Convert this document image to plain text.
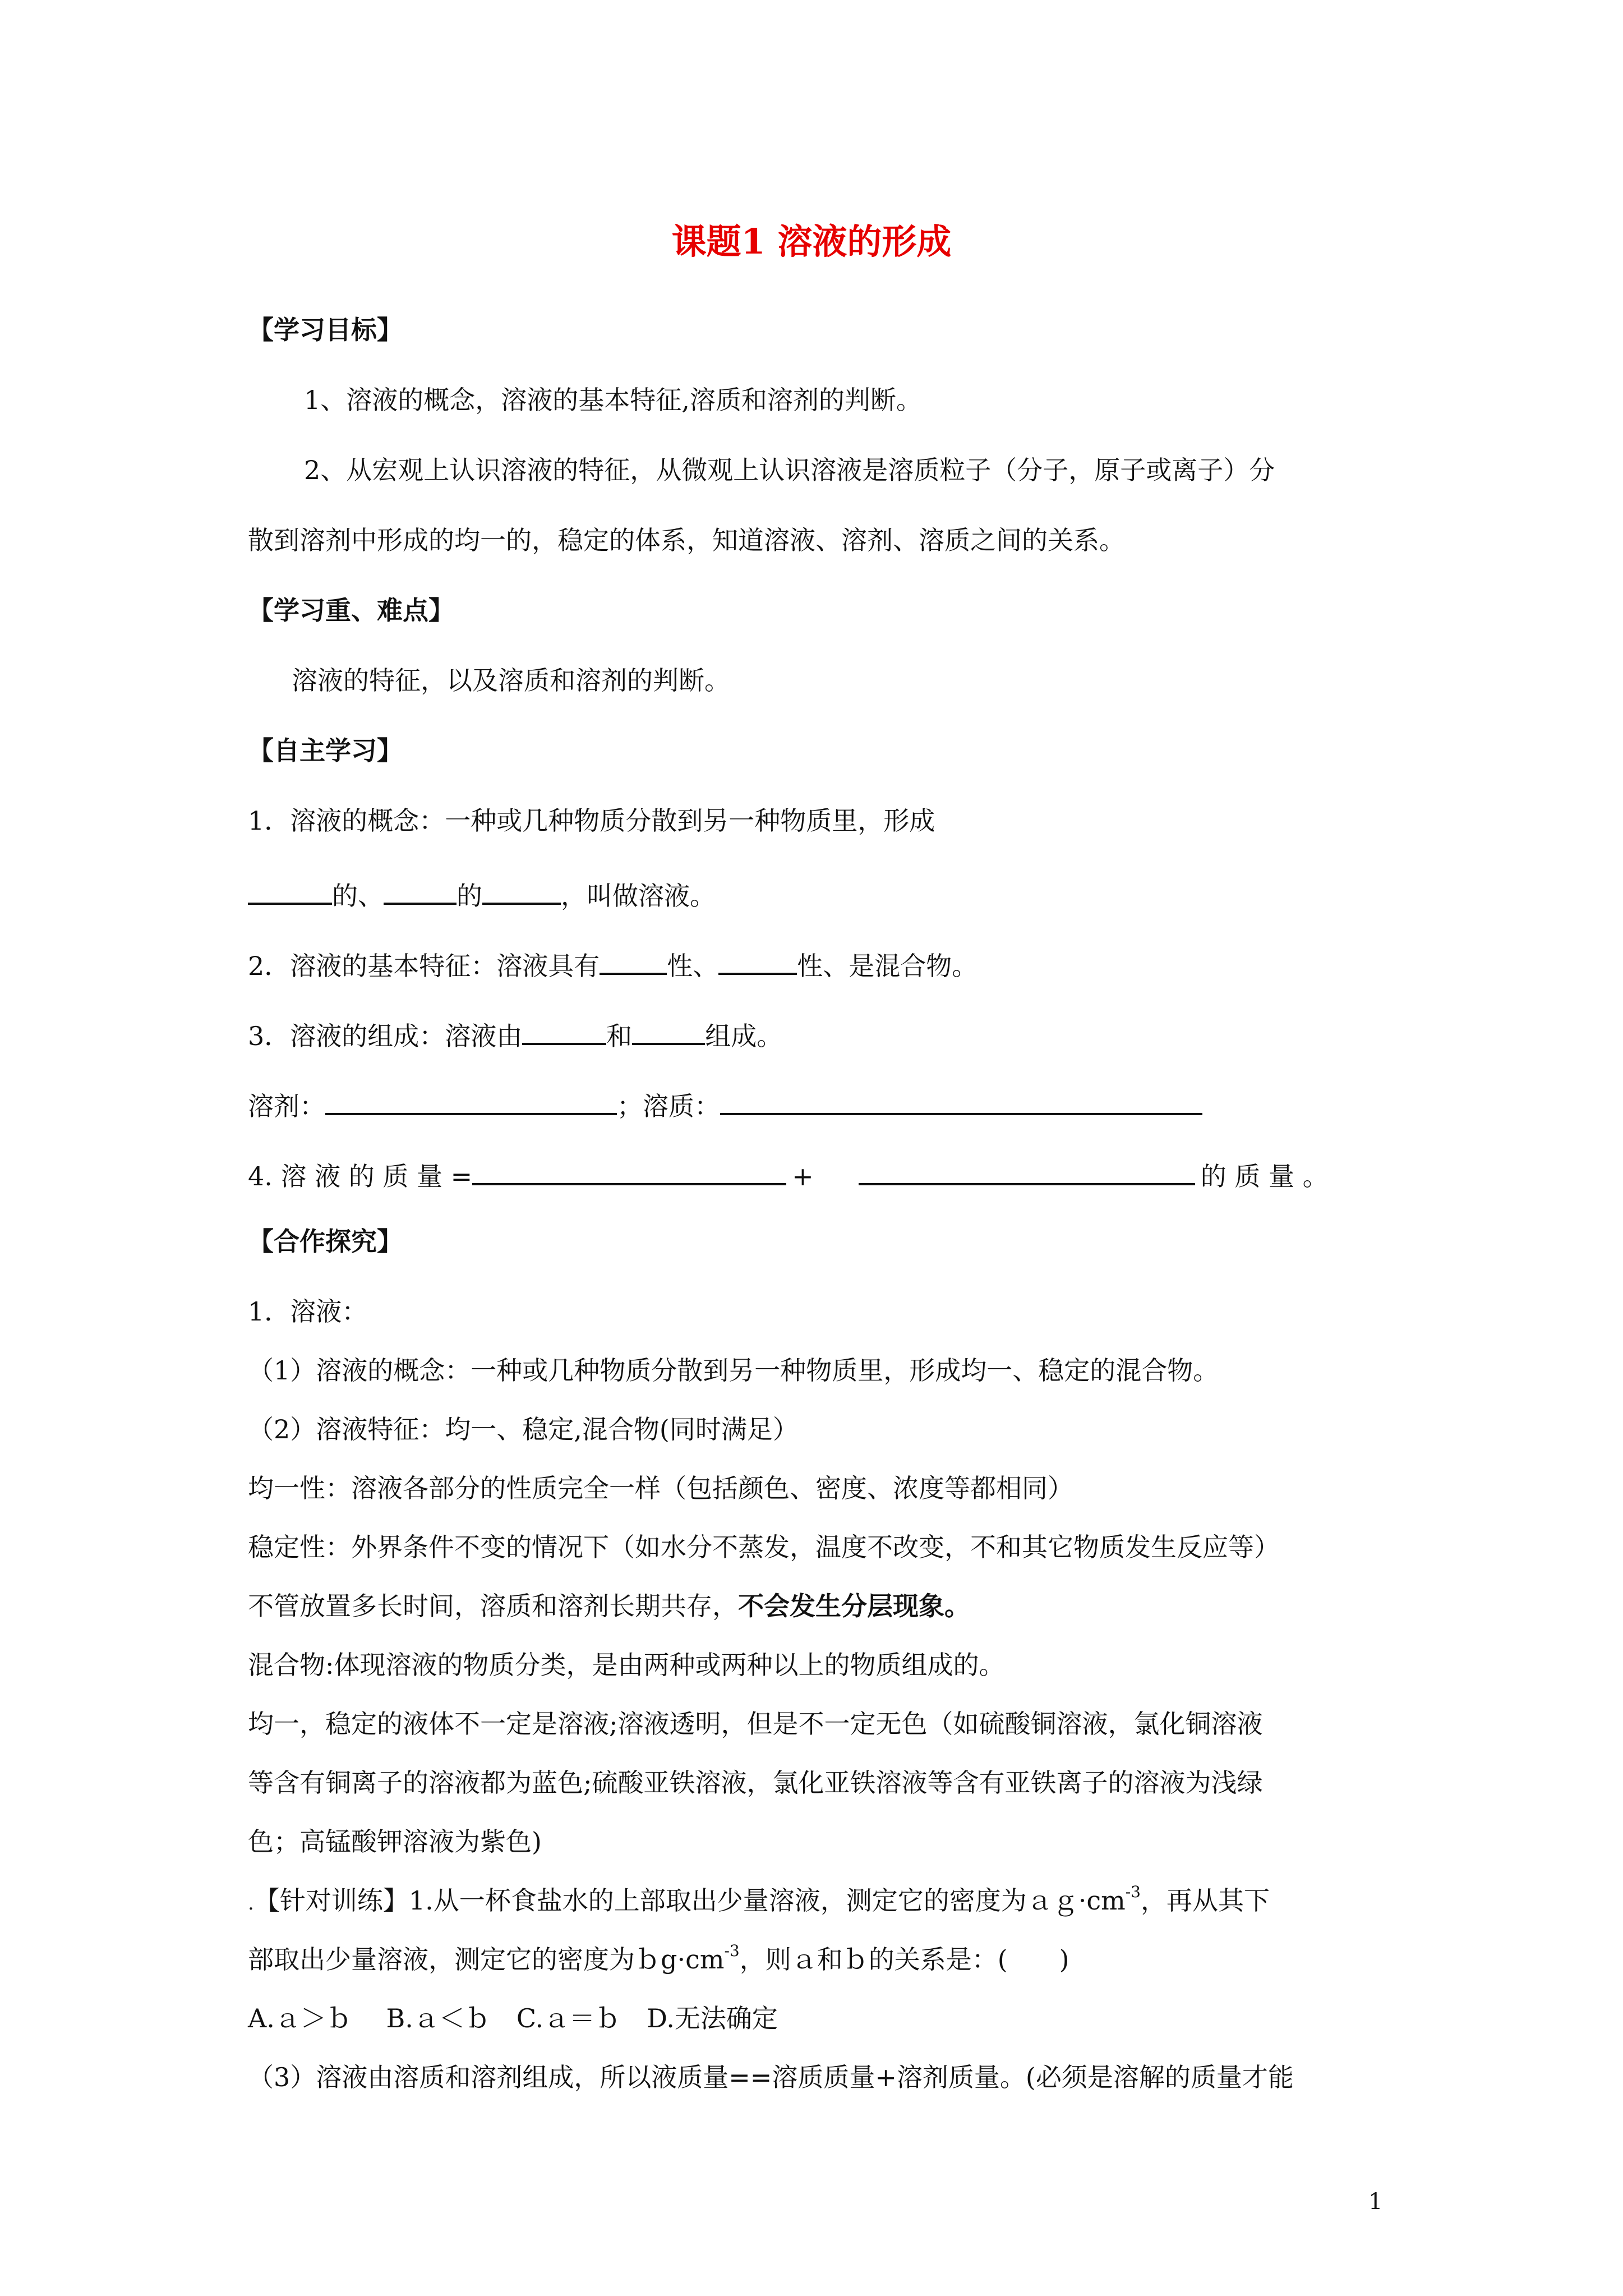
课题1 溶液的形成
【学习目标】
1、溶液的概念，溶液的基本特征,溶质和溶剂的判断。
2、从宏观上认识溶液的特征，从微观上认识溶液是溶质粒子（分子，原子或离子）分
散到溶剂中形成的均一的，稳定的体系，知道溶液、溶剂、溶质之间的关系。
【学习重、难点】
溶液的特征，以及溶质和溶剂的判断。
【自主学习】
1．溶液的概念：一种或几种物质分散到另一种物质里，形成
的、	的	，叫做溶液。
2．溶液的基本特征：溶液具有	性、	性、是混合物。
3．溶液的组成：溶液由	和	组成。
溶剂：	；溶质：
4. 溶 液 的 质 量 =	+	的 质 量 。
【合作探究】
1．溶液：
（1）溶液的概念：一种或几种物质分散到另一种物质里，形成均一、稳定的混合物。
（2）溶液特征：均一、稳定,混合物(同时满足）
均一性：溶液各部分的性质完全一样（包括颜色、密度、浓度等都相同）
稳定性：外界条件不变的情况下（如水分不蒸发，温度不改变，不和其它物质发生反应等）
不管放置多长时间，溶质和溶剂长期共存，不会发生分层现象。
混合物:体现溶液的物质分类，是由两种或两种以上的物质组成的。
均一，稳定的液体不一定是溶液;溶液透明，但是不一定无色（如硫酸铜溶液，氯化铜溶液
等含有铜离子的溶液都为蓝色;硫酸亚铁溶液，氯化亚铁溶液等含有亚铁离子的溶液为浅绿
色；高锰酸钾溶液为紫色)
.【针对训练】1.从一杯食盐水的上部取出少量溶液，测定它的密度为$ag\cdot cm^{-3}$，再从其下
部取出少量溶液，测定它的密度为$bg\cdot cm^{-3}$，则ａ和ｂ的关系是：(　　)
A.ａ＞ｂ　 B.ａ＜ｂ　C.ａ＝ｂ　D.无法确定
（3）溶液由溶质和溶剂组成，所以液质量==溶质质量+溶剂质量。(必须是溶解的质量才能
1
